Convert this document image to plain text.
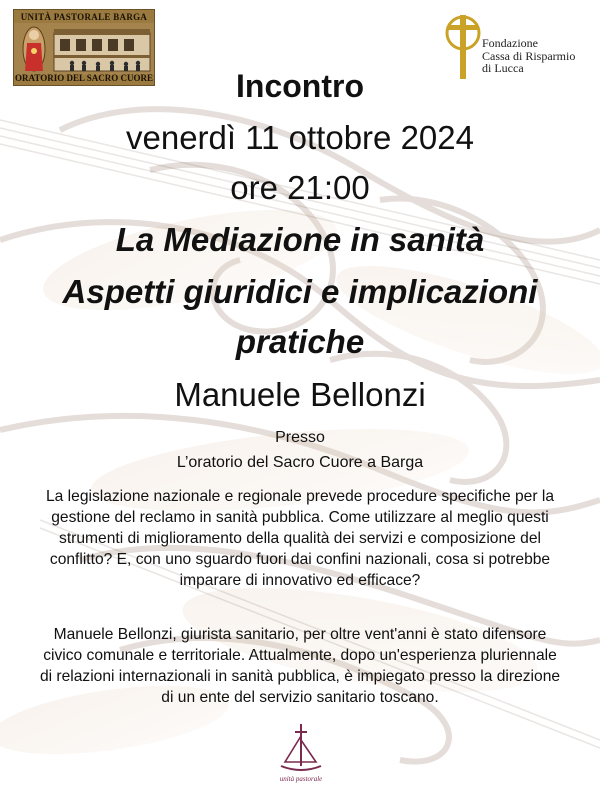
UNITÀ PASTORALE BARGA
ORATORIO DEL SACRO CUORE
Fondazione
Cassa di Risparmio
di Lucca
Incontro
venerdì 11 ottobre 2024
ore 21:00
La Mediazione in sanità
Aspetti giuridici e implicazioni
pratiche
Manuele Bellonzi
Presso
L’oratorio del Sacro Cuore a Barga
La legislazione nazionale e regionale prevede procedure specifiche per la
gestione del reclamo in sanità pubblica. Come utilizzare al meglio questi
strumenti di miglioramento della qualità dei servizi e composizione del
conflitto? E, con uno sguardo fuori dai confini nazionali, cosa si potrebbe
imparare di innovativo ed efficace?
Manuele Bellonzi, giurista sanitario, per oltre vent'anni è stato difensore
civico comunale e territoriale. Attualmente, dopo un'esperienza pluriennale
di relazioni internazionali in sanità pubblica, è impiegato presso la direzione
di un ente del servizio sanitario toscano.
unità pastorale
